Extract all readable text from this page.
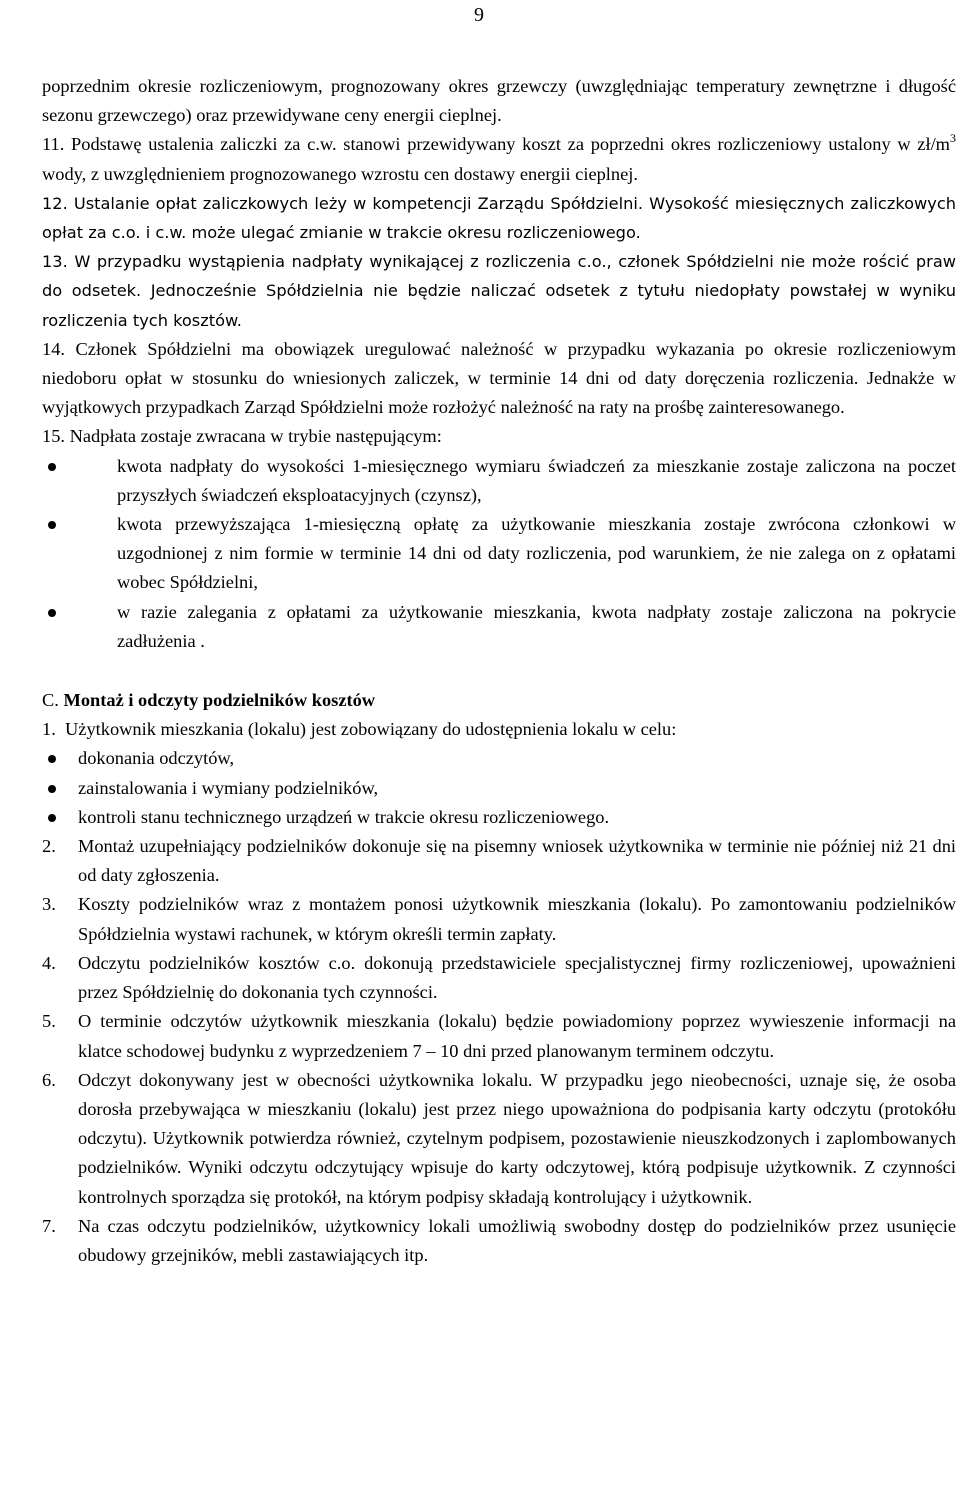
9

poprzednim okresie rozliczeniowym, prognozowany okres grzewczy (uwzględniając temperatury zewnętrzne i długość sezonu grzewczego) oraz przewidywane ceny energii cieplnej.

11. Podstawę ustalenia zaliczki za c.w. stanowi przewidywany koszt za poprzedni okres rozliczeniowy ustalony w $zł/m^3$ wody, z uwzględnieniem prognozowanego wzrostu cen dostawy energii cieplnej.

12. Ustalanie opłat zaliczkowych leży w kompetencji Zarządu Spółdzielni. Wysokość miesięcznych zaliczkowych opłat za c.o. i c.w. może ulegać zmianie w trakcie okresu rozliczeniowego.

13. W przypadku wystąpienia nadpłaty wynikającej z rozliczenia c.o., członek Spółdzielni nie może rościć praw do odsetek. Jednocześnie Spółdzielnia nie będzie naliczać odsetek z tytułu niedopłaty powstałej w wyniku rozliczenia tych kosztów.

14. Członek Spółdzielni ma obowiązek uregulować należność w przypadku wykazania po okresie rozliczeniowym niedoboru opłat w stosunku do wniesionych zaliczek, w terminie 14 dni od daty doręczenia rozliczenia. Jednakże w wyjątkowych przypadkach Zarząd Spółdzielni może rozłożyć należność na raty na prośbę zainteresowanego.

15. Nadpłata zostaje zwracana w trybie następującym:

kwota nadpłaty do wysokości 1-miesięcznego wymiaru świadczeń za mieszkanie zostaje zaliczona na poczet przyszłych świadczeń eksploatacyjnych (czynsz),
kwota przewyższająca 1-miesięczną opłatę za użytkowanie mieszkania zostaje zwrócona członkowi w uzgodnionej z nim formie w terminie 14 dni od daty rozliczenia, pod warunkiem, że nie zalega on z opłatami wobec Spółdzielni,
w razie zalegania z opłatami za użytkowanie mieszkania, kwota nadpłaty zostaje zaliczona na pokrycie zadłużenia .

C. Montaż i odczyty podzielników kosztów

1. Użytkownik mieszkania (lokalu) jest zobowiązany do udostępnienia lokalu w celu:

dokonania odczytów,
zainstalowania i wymiany podzielników,
kontroli stanu technicznego urządzeń w trakcie okresu rozliczeniowego.
2.	Montaż uzupełniający podzielników dokonuje się na pisemny wniosek użytkownika w terminie nie później niż 21 dni od daty zgłoszenia.
3.	Koszty podzielników wraz z montażem ponosi użytkownik mieszkania (lokalu). Po zamontowaniu podzielników Spółdzielnia wystawi rachunek, w którym określi termin zapłaty.
4.	Odczytu podzielników kosztów c.o. dokonują przedstawiciele specjalistycznej firmy rozliczeniowej, upoważnieni przez Spółdzielnię do dokonania tych czynności.
5.	O terminie odczytów użytkownik mieszkania (lokalu) będzie powiadomiony poprzez wywieszenie informacji na klatce schodowej budynku z wyprzedzeniem 7 – 10 dni przed planowanym terminem odczytu.
6.	Odczyt dokonywany jest w obecności użytkownika lokalu. W przypadku jego nieobecności, uznaje się, że osoba dorosła przebywająca w mieszkaniu (lokalu) jest przez niego upoważniona do podpisania karty odczytu (protokółu odczytu). Użytkownik potwierdza również, czytelnym podpisem, pozostawienie nieuszkodzonych i zaplombowanych podzielników. Wyniki odczytu odczytujący wpisuje do karty odczytowej, którą podpisuje użytkownik. Z czynności kontrolnych sporządza się protokół, na którym podpisy składają kontrolujący i użytkownik.
7.	Na czas odczytu podzielników, użytkownicy lokali umożliwią swobodny dostęp do podzielników przez usunięcie obudowy grzejników, mebli zastawiających itp.
